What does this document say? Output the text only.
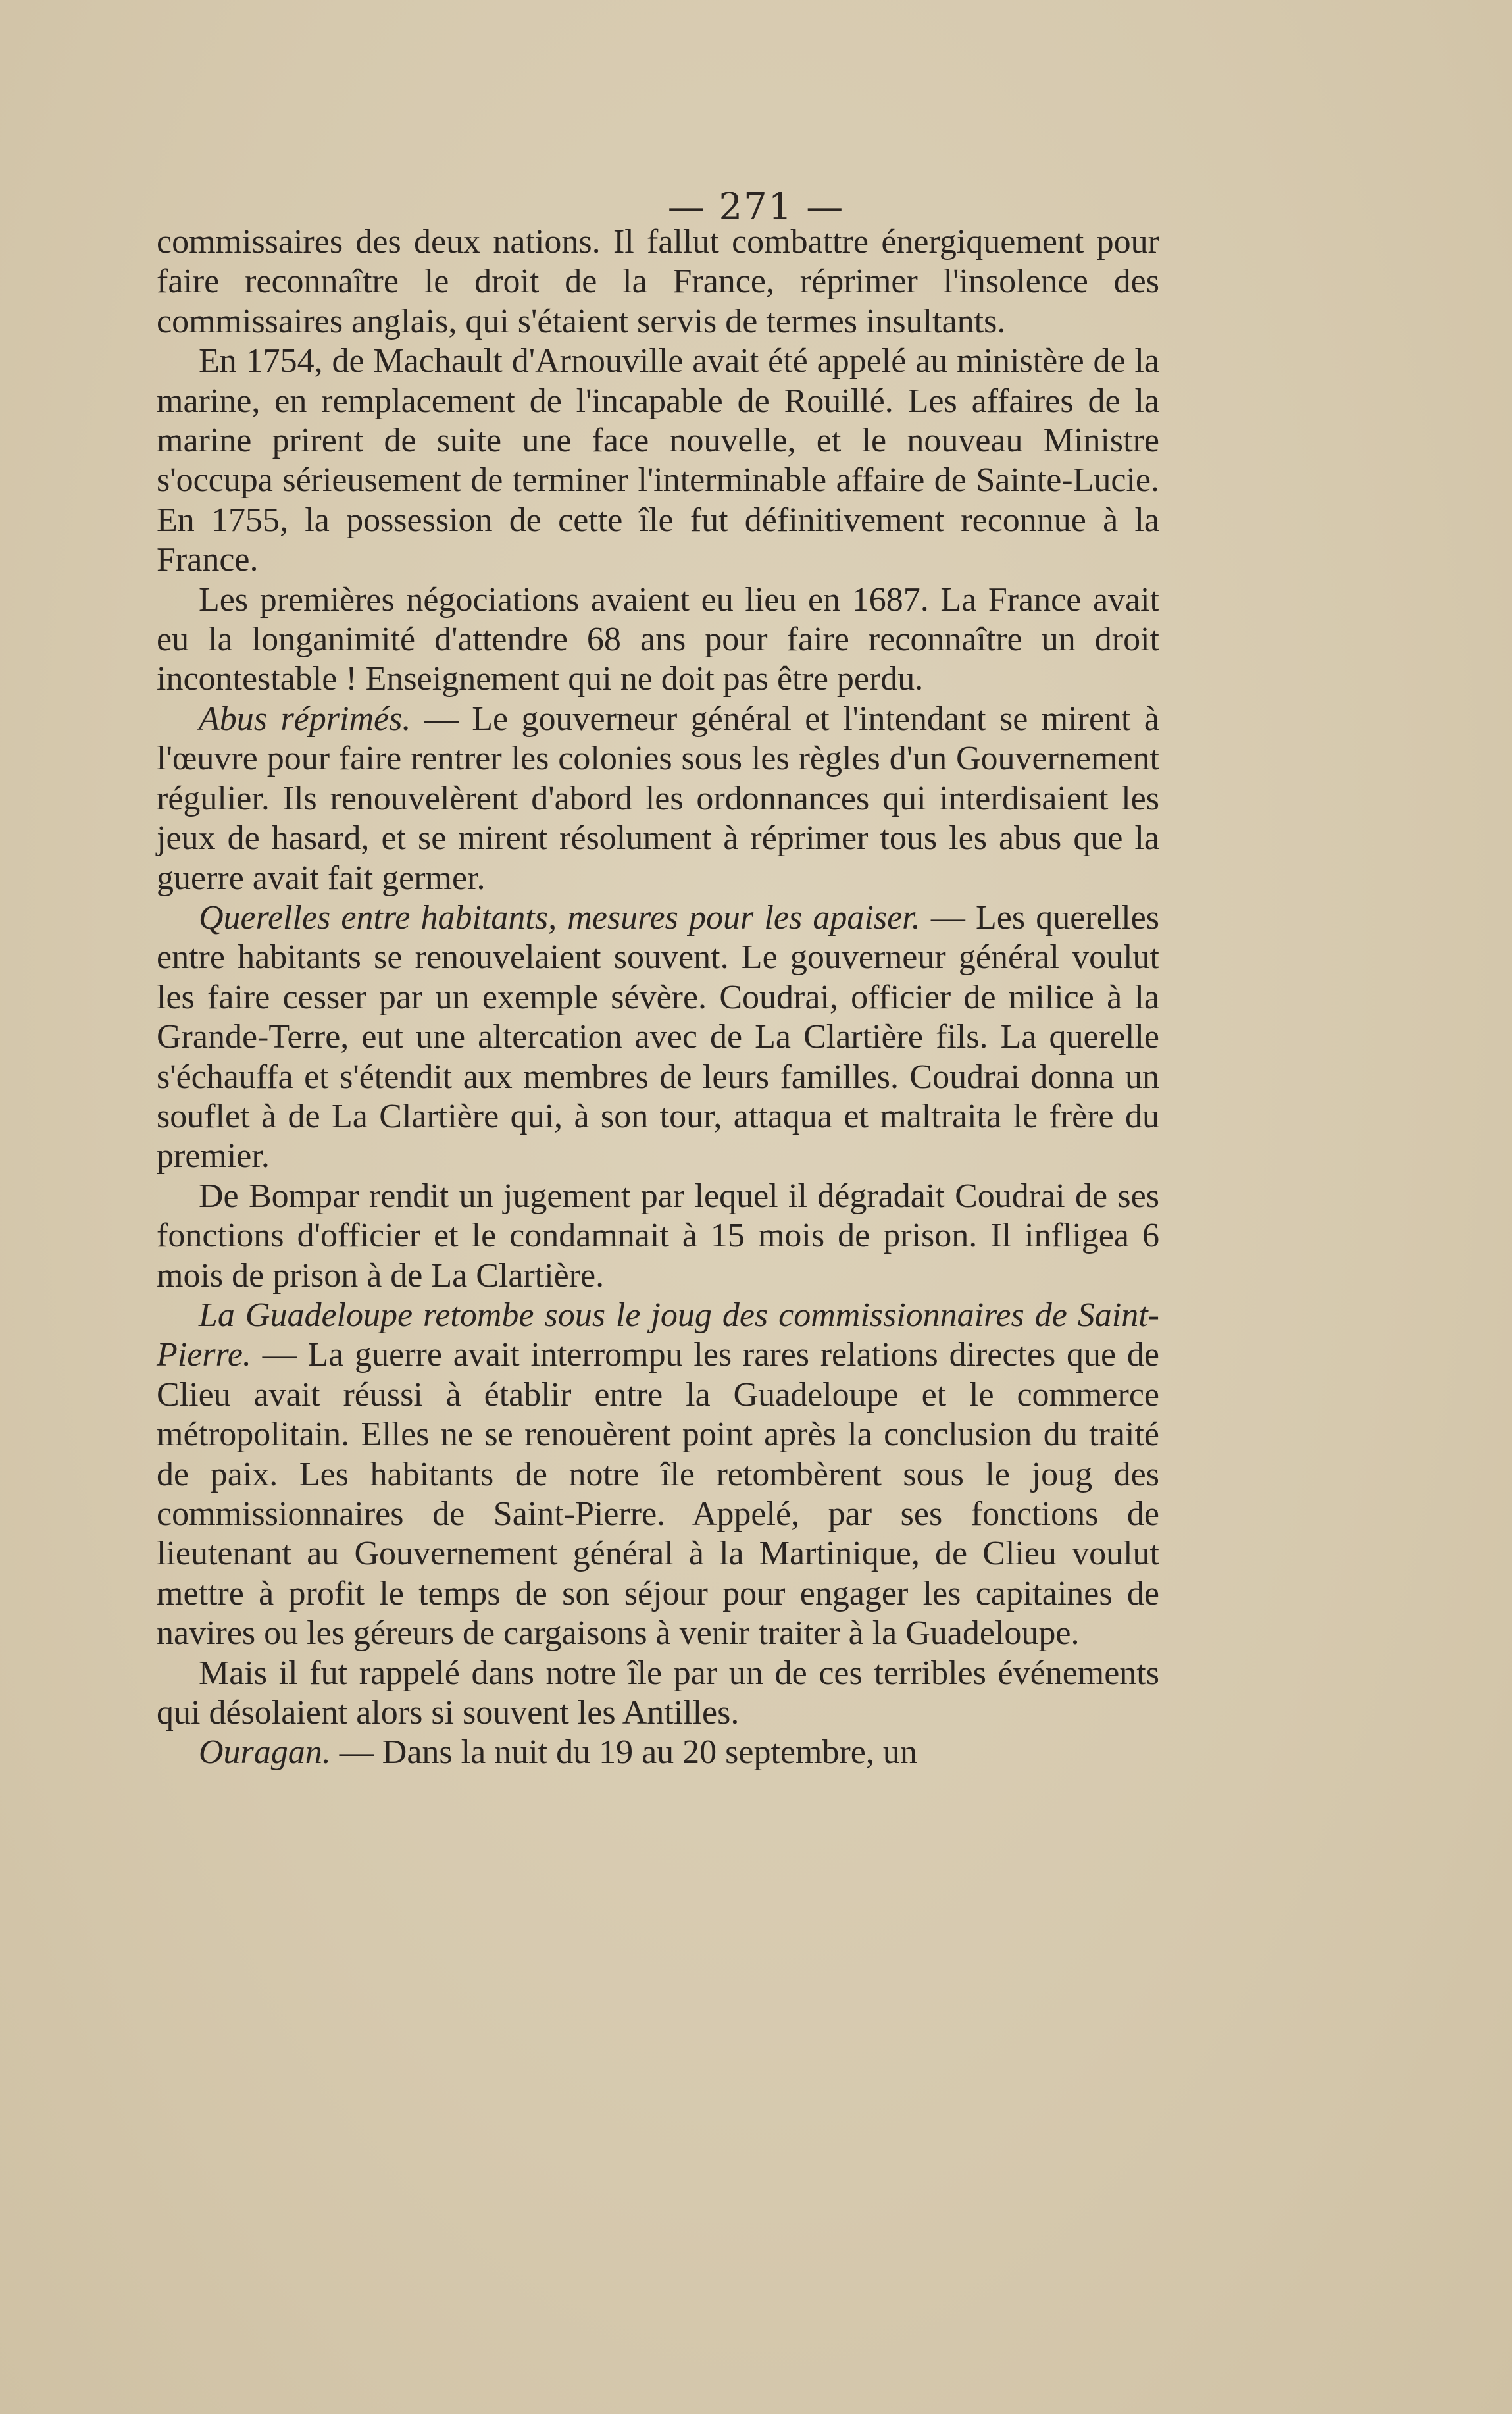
— 271 —

commissaires des deux nations. Il fallut combattre énergiquement pour faire reconnaître le droit de la France, réprimer l'insolence des commissaires anglais, qui s'étaient servis de termes insultants.

En 1754, de Machault d'Arnouville avait été appelé au ministère de la marine, en remplacement de l'incapable de Rouillé. Les affaires de la marine prirent de suite une face nouvelle, et le nouveau Ministre s'occupa sérieusement de terminer l'interminable affaire de Sainte-Lucie. En 1755, la possession de cette île fut définitivement reconnue à la France.

Les premières négociations avaient eu lieu en 1687. La France avait eu la longanimité d'attendre 68 ans pour faire reconnaître un droit incontestable ! Enseignement qui ne doit pas être perdu.

Abus réprimés. — Le gouverneur général et l'intendant se mirent à l'œuvre pour faire rentrer les colonies sous les règles d'un Gouvernement régulier. Ils renouvelèrent d'abord les ordonnances qui interdisaient les jeux de hasard, et se mirent résolument à réprimer tous les abus que la guerre avait fait germer.

Querelles entre habitants, mesures pour les apaiser. — Les querelles entre habitants se renouvelaient souvent. Le gouverneur général voulut les faire cesser par un exemple sévère. Coudrai, officier de milice à la Grande-Terre, eut une altercation avec de La Clartière fils. La querelle s'échauffa et s'étendit aux membres de leurs familles. Coudrai donna un souflet à de La Clartière qui, à son tour, attaqua et maltraita le frère du premier.

De Bompar rendit un jugement par lequel il dégradait Coudrai de ses fonctions d'officier et le condamnait à 15 mois de prison. Il infligea 6 mois de prison à de La Clartière.

La Guadeloupe retombe sous le joug des commissionnaires de Saint-Pierre. — La guerre avait interrompu les rares relations directes que de Clieu avait réussi à établir entre la Guadeloupe et le commerce métropolitain. Elles ne se renouèrent point après la conclusion du traité de paix. Les habitants de notre île retombèrent sous le joug des commissionnaires de Saint-Pierre. Appelé, par ses fonctions de lieutenant au Gouvernement général à la Martinique, de Clieu voulut mettre à profit le temps de son séjour pour engager les capitaines de navires ou les géreurs de cargaisons à venir traiter à la Guadeloupe.

Mais il fut rappelé dans notre île par un de ces terribles événements qui désolaient alors si souvent les Antilles.

Ouragan. — Dans la nuit du 19 au 20 septembre, un
